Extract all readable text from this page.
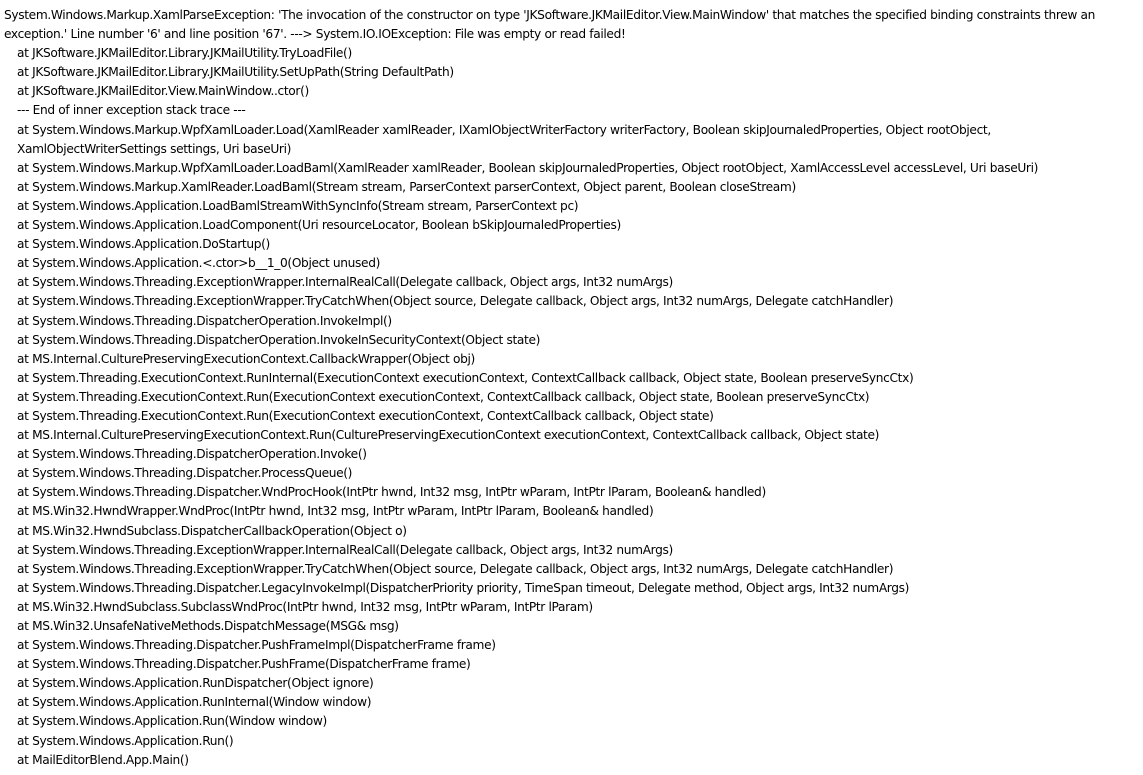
System.Windows.Markup.XamlParseException: 'The invocation of the constructor on type 'JKSoftware.JKMailEditor.View.MainWindow' that matches the specified binding constraints threw an exception.' Line number '6' and line position '67'. ---> System.IO.IOException: File was empty or read failed!
at JKSoftware.JKMailEditor.Library.JKMailUtility.TryLoadFile()
at JKSoftware.JKMailEditor.Library.JKMailUtility.SetUpPath(String DefaultPath)
at JKSoftware.JKMailEditor.View.MainWindow..ctor()
--- End of inner exception stack trace ---
at System.Windows.Markup.WpfXamlLoader.Load(XamlReader xamlReader, IXamlObjectWriterFactory writerFactory, Boolean skipJournaledProperties, Object rootObject, XamlObjectWriterSettings settings, Uri baseUri)
at System.Windows.Markup.WpfXamlLoader.LoadBaml(XamlReader xamlReader, Boolean skipJournaledProperties, Object rootObject, XamlAccessLevel accessLevel, Uri baseUri)
at System.Windows.Markup.XamlReader.LoadBaml(Stream stream, ParserContext parserContext, Object parent, Boolean closeStream)
at System.Windows.Application.LoadBamlStreamWithSyncInfo(Stream stream, ParserContext pc)
at System.Windows.Application.LoadComponent(Uri resourceLocator, Boolean bSkipJournaledProperties)
at System.Windows.Application.DoStartup()
at System.Windows.Application.<.ctor>b__1_0(Object unused)
at System.Windows.Threading.ExceptionWrapper.InternalRealCall(Delegate callback, Object args, Int32 numArgs)
at System.Windows.Threading.ExceptionWrapper.TryCatchWhen(Object source, Delegate callback, Object args, Int32 numArgs, Delegate catchHandler)
at System.Windows.Threading.DispatcherOperation.InvokeImpl()
at System.Windows.Threading.DispatcherOperation.InvokeInSecurityContext(Object state)
at MS.Internal.CulturePreservingExecutionContext.CallbackWrapper(Object obj)
at System.Threading.ExecutionContext.RunInternal(ExecutionContext executionContext, ContextCallback callback, Object state, Boolean preserveSyncCtx)
at System.Threading.ExecutionContext.Run(ExecutionContext executionContext, ContextCallback callback, Object state, Boolean preserveSyncCtx)
at System.Threading.ExecutionContext.Run(ExecutionContext executionContext, ContextCallback callback, Object state)
at MS.Internal.CulturePreservingExecutionContext.Run(CulturePreservingExecutionContext executionContext, ContextCallback callback, Object state)
at System.Windows.Threading.DispatcherOperation.Invoke()
at System.Windows.Threading.Dispatcher.ProcessQueue()
at System.Windows.Threading.Dispatcher.WndProcHook(IntPtr hwnd, Int32 msg, IntPtr wParam, IntPtr lParam, Boolean& handled)
at MS.Win32.HwndWrapper.WndProc(IntPtr hwnd, Int32 msg, IntPtr wParam, IntPtr lParam, Boolean& handled)
at MS.Win32.HwndSubclass.DispatcherCallbackOperation(Object o)
at System.Windows.Threading.ExceptionWrapper.InternalRealCall(Delegate callback, Object args, Int32 numArgs)
at System.Windows.Threading.ExceptionWrapper.TryCatchWhen(Object source, Delegate callback, Object args, Int32 numArgs, Delegate catchHandler)
at System.Windows.Threading.Dispatcher.LegacyInvokeImpl(DispatcherPriority priority, TimeSpan timeout, Delegate method, Object args, Int32 numArgs)
at MS.Win32.HwndSubclass.SubclassWndProc(IntPtr hwnd, Int32 msg, IntPtr wParam, IntPtr lParam)
at MS.Win32.UnsafeNativeMethods.DispatchMessage(MSG& msg)
at System.Windows.Threading.Dispatcher.PushFrameImpl(DispatcherFrame frame)
at System.Windows.Threading.Dispatcher.PushFrame(DispatcherFrame frame)
at System.Windows.Application.RunDispatcher(Object ignore)
at System.Windows.Application.RunInternal(Window window)
at System.Windows.Application.Run(Window window)
at System.Windows.Application.Run()
at MailEditorBlend.App.Main()
